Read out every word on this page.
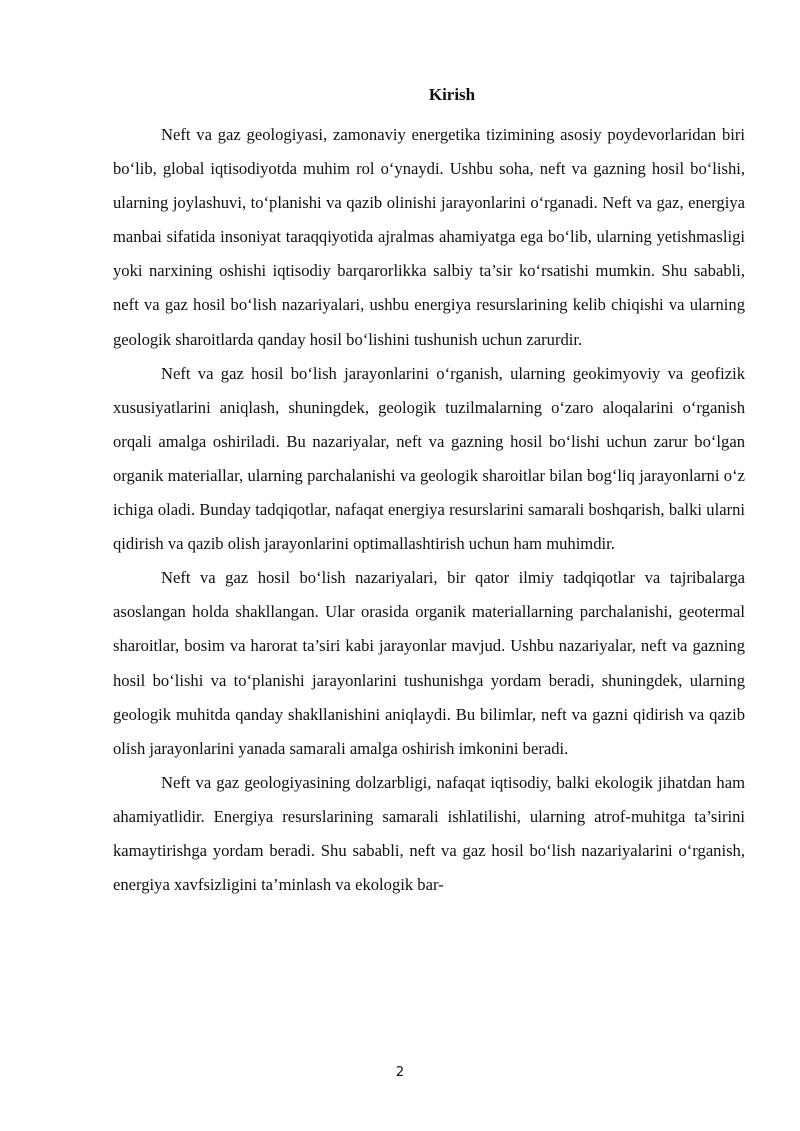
Kirish

Neft va gaz geologiyasi, zamonaviy energetika tizimining asosiy poydevorlaridan biri bo‘lib, global iqtisodiyotda muhim rol o‘ynaydi. Ushbu soha, neft va gazning hosil bo‘lishi, ularning joylashuvi, to‘planishi va qazib olinishi jarayonlarini o‘rganadi. Neft va gaz, energiya manbai sifatida insoniyat taraqqiyotida ajralmas ahamiyatga ega bo‘lib, ularning yetishmasligi yoki narxining oshishi iqtisodiy barqarorlikka salbiy ta’sir ko‘rsatishi mumkin. Shu sababli, neft va gaz hosil bo‘lish nazariyalari, ushbu energiya resurslarining kelib chiqishi va ularning geologik sharoitlarda qanday hosil bo‘lishini tushunish uchun zarurdir.

Neft va gaz hosil bo‘lish jarayonlarini o‘rganish, ularning geokimyoviy va geofizik xususiyatlarini aniqlash, shuningdek, geologik tuzilmalarning o‘zaro aloqalarini o‘rganish orqali amalga oshiriladi. Bu nazariyalar, neft va gazning hosil bo‘lishi uchun zarur bo‘lgan organik materiallar, ularning parchalanishi va geologik sharoitlar bilan bog‘liq jarayonlarni o‘z ichiga oladi. Bunday tadqiqotlar, nafaqat energiya resurslarini samarali boshqarish, balki ularni qidirish va qazib olish jarayonlarini optimallashtirish uchun ham muhimdir.

Neft va gaz hosil bo‘lish nazariyalari, bir qator ilmiy tadqiqotlar va tajribalarga asoslangan holda shakllangan. Ular orasida organik materiallarning parchalanishi, geotermal sharoitlar, bosim va harorat ta’siri kabi jarayonlar mavjud. Ushbu nazariyalar, neft va gazning hosil bo‘lishi va to‘planishi jarayonlarini tushunishga yordam beradi, shuningdek, ularning geologik muhitda qanday shakllanishini aniqlaydi. Bu bilimlar, neft va gazni qidirish va qazib olish jarayonlarini yanada samarali amalga oshirish imkonini beradi.

Neft va gaz geologiyasining dolzarbligi, nafaqat iqtisodiy, balki ekologik jihatdan ham ahamiyatlidir. Energiya resurslarining samarali ishlatilishi, ularning atrof-muhitga ta’sirini kamaytirishga yordam beradi. Shu sababli, neft va gaz hosil bo‘lish nazariyalarini o‘rganish, energiya xavfsizligini ta’minlash va ekologik bar-

2
